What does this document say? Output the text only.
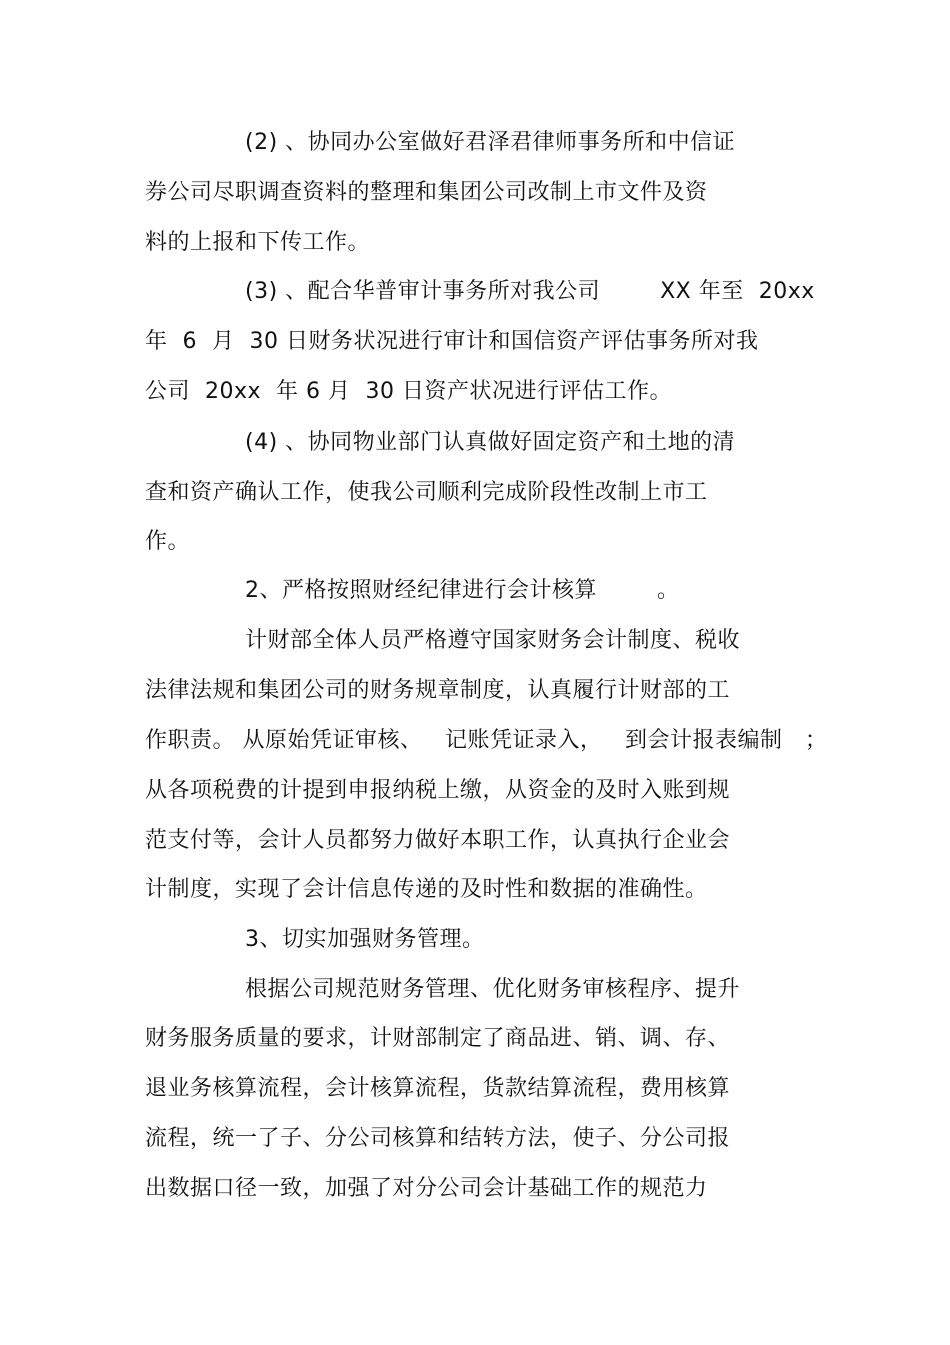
(2) 、协同办公室做好君泽君律师事务所和中信证
券公司尽职调查资料的整理和集团公司改制上市文件及资
料的上报和下传工作。
(3) 、配合华普审计事务所对我公司        XX 年至  20xx
年  6  月  30 日财务状况进行审计和国信资产评估事务所对我
公司  20xx  年 6 月  30 日资产状况进行评估工作。
(4) 、协同物业部门认真做好固定资产和土地的清
查和资产确认工作，使我公司顺利完成阶段性改制上市工
作。
2、严格按照财经纪律进行会计核算        。
计财部全体人员严格遵守国家财务会计制度、税收
法律法规和集团公司的财务规章制度，认真履行计财部的工
作职责。 从原始凭证审核、   记账凭证录入，   到会计报表编制   ；
从各项税费的计提到申报纳税上缴，从资金的及时入账到规
范支付等，会计人员都努力做好本职工作，认真执行企业会
计制度，实现了会计信息传递的及时性和数据的准确性。
3、切实加强财务管理。
根据公司规范财务管理、优化财务审核程序、提升
财务服务质量的要求，计财部制定了商品进、销、调、存、
退业务核算流程，会计核算流程，货款结算流程，费用核算
流程，统一了子、分公司核算和结转方法，使子、分公司报
出数据口径一致，加强了对分公司会计基础工作的规范力
